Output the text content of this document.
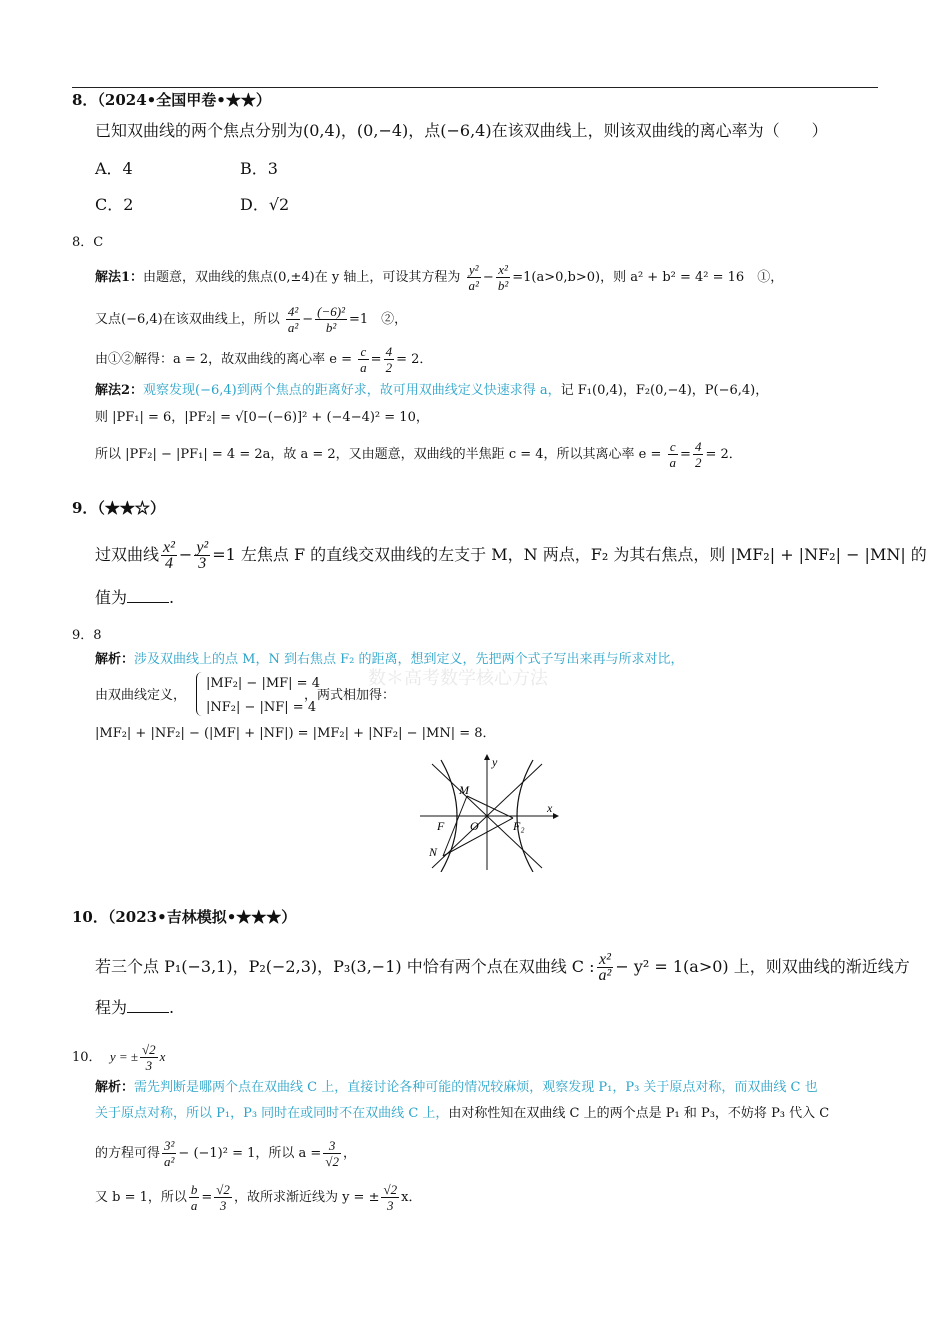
8．（2024•全国甲卷•★★）
已知双曲线的两个焦点分别为(0,4)，(0,−4)，点(−6,4)在该双曲线上，则该双曲线的离心率为（　　）
A．4	B．3
C．2	D．√2
8．C
解法1：由题意，双曲线的焦点(0,±4)在 y 轴上，可设其方程为 $\frac{\text{y²}}{\text{a²}} - \frac{\text{x²}}{\text{b²}} =1(a>0,b>0)$，则 a² + b² = 4² = 16　①，
又点(−6,4)在该双曲线上，所以 $\frac{\text{4²}}{\text{a²}} - \frac{\text{(−6)²}}{\text{b²}} =1$　②，
由①②解得：a = 2，故双曲线的离心率 $e = \frac{c}{a} = \frac{4}{2} = 2$．
解法2：观察发现(−6,4)到两个焦点的距离好求，故可用双曲线定义快速求得 a，记 F₁(0,4)，F₂(0,−4)，P(−6,4)，
则 |PF₁| = 6，|PF₂| = √[0−(−6)]² + (−4−4)² = 10，
所以 |PF₂| − |PF₁| = 4 = 2a，故 a = 2，又由题意，双曲线的半焦距 c = 4，所以其离心率 $e = \frac{c}{a} = \frac{4}{2} = 2$．
9．（★★☆）
过双曲线 $\frac{\text{x²}}{4} - \frac{\text{y²}}{3} =1$ 左焦点 F 的直线交双曲线的左支于 M，N 两点，F₂ 为其右焦点，则 |MF₂| + |NF₂| − |MN| 的
值为	.
9．8
解析：涉及双曲线上的点 M，N 到右焦点 F₂ 的距离，想到定义，先把两个式子写出来再与所求对比，
数＊高考数学核心方法
由双曲线定义，
|MF₂| − |MF| = 4
|NF₂| − |NF| = 4
，两式相加得：
|MF₂| + |NF₂| − (|MF| + |NF|) = |MF₂| + |NF₂| − |MN| = 8．
y
x
M
N
F O	F₂
10．（2023•吉林模拟•★★★）
若三个点 P₁(−3,1)，P₂(−2,3)，P₃(3,−1) 中恰有两个点在双曲线 C : $\frac{\text{x²}}{\text{a²}} - y^2 = 1(a>0)$ 上，则双曲线的渐近线方
程为	.
10． y = ± $\frac{√2}{3}$ x
解析：需先判断是哪两个点在双曲线 C 上，直接讨论各种可能的情况较麻烦，观察发现 P₁，P₃ 关于原点对称，而双曲线 C 也
关于原点对称，所以 P₁，P₃ 同时在或同时不在双曲线 C 上，由对称性知在双曲线 C 上的两个点是 P₁ 和 P₃，不妨将 P₃ 代入 C
的方程可得 $\frac{\text{3²}}{\text{a²}} - (-1)^2 = 1$，所以 $a = \frac{3}{√2}$ ，
又 b = 1，所以 $\frac{b}{a} = \frac{√2}{3}$ ，故所求渐近线为 y = ± $\frac{√2}{3}$ x．
